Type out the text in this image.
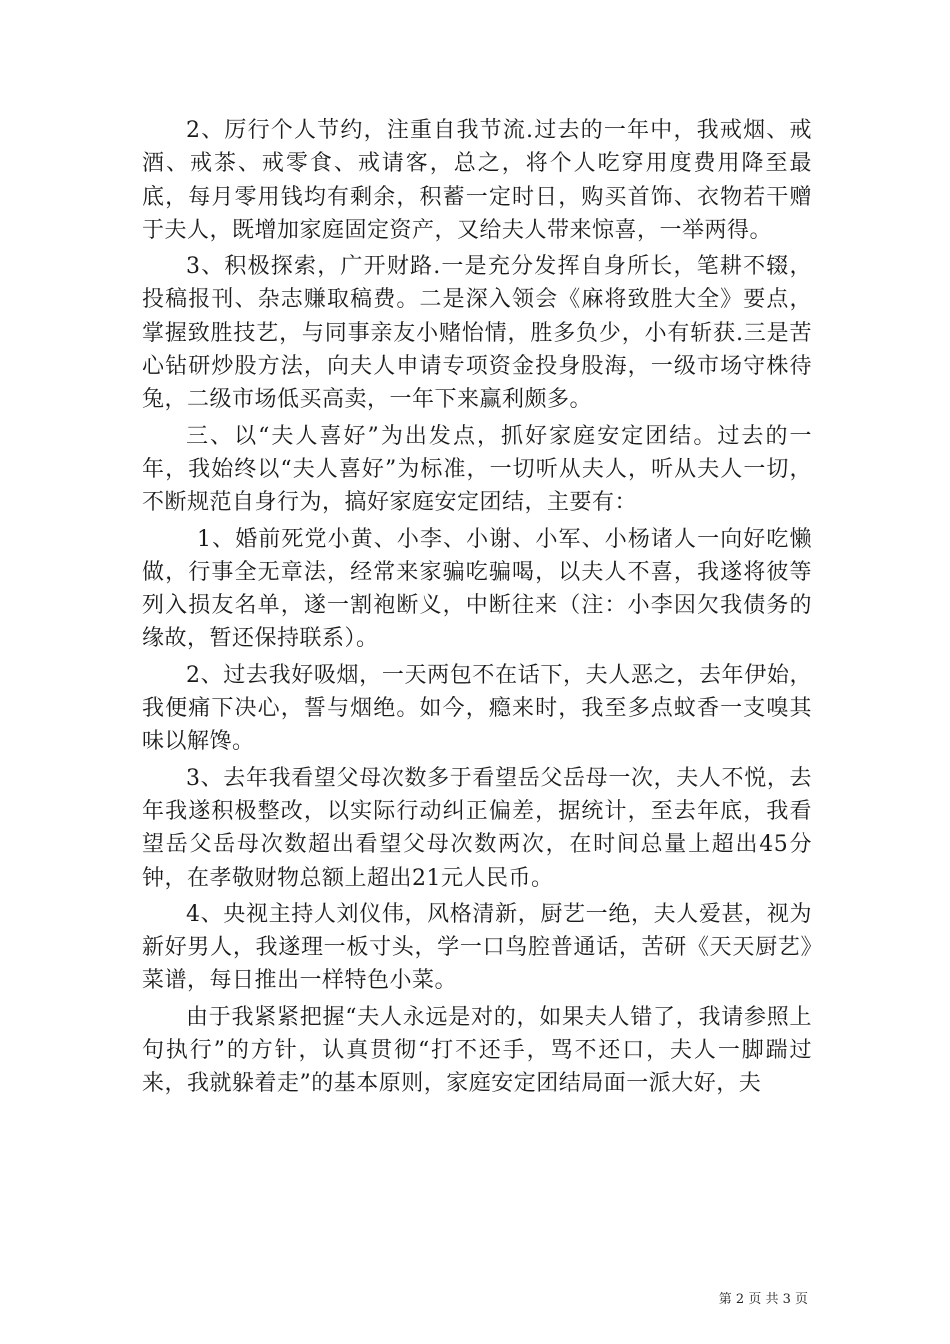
2、厉行个人节约，注重自我节流.过去的一年中，我戒烟、戒酒、戒茶、戒零食、戒请客，总之，将个人吃穿用度费用降至最底，每月零用钱均有剩余，积蓄一定时日，购买首饰、衣物若干赠于夫人，既增加家庭固定资产，又给夫人带来惊喜，一举两得。

3、积极探索，广开财路.一是充分发挥自身所长，笔耕不辍，投稿报刊、杂志赚取稿费。二是深入领会《麻将致胜大全》要点，掌握致胜技艺，与同事亲友小赌怡情，胜多负少，小有斩获.三是苦心钻研炒股方法，向夫人申请专项资金投身股海，一级市场守株待兔，二级市场低买高卖，一年下来赢利颇多。

三、以“夫人喜好”为出发点，抓好家庭安定团结。过去的一年，我始终以“夫人喜好”为标准，一切听从夫人，听从夫人一切，不断规范自身行为，搞好家庭安定团结，主要有：

1、婚前死党小黄、小李、小谢、小军、小杨诸人一向好吃懒做，行事全无章法，经常来家骗吃骗喝，以夫人不喜，我遂将彼等列入损友名单，遂一割袍断义，中断往来（注：小李因欠我债务的缘故，暂还保持联系）。

2、过去我好吸烟，一天两包不在话下，夫人恶之，去年伊始，我便痛下决心，誓与烟绝。如今，瘾来时，我至多点蚊香一支嗅其味以解馋。

3、去年我看望父母次数多于看望岳父岳母一次，夫人不悦，去年我遂积极整改，以实际行动纠正偏差，据统计，至去年底，我看望岳父岳母次数超出看望父母次数两次，在时间总量上超出45分钟，在孝敬财物总额上超出21元人民币。

4、央视主持人刘仪伟，风格清新，厨艺一绝，夫人爱甚，视为新好男人，我遂理一板寸头，学一口鸟腔普通话，苦研《天天厨艺》菜谱，每日推出一样特色小菜。

由于我紧紧把握“夫人永远是对的，如果夫人错了，我请参照上句执行”的方针，认真贯彻“打不还手，骂不还口，夫人一脚踹过来，我就躲着走”的基本原则，家庭安定团结局面一派大好，夫

第 2 页 共 3 页
